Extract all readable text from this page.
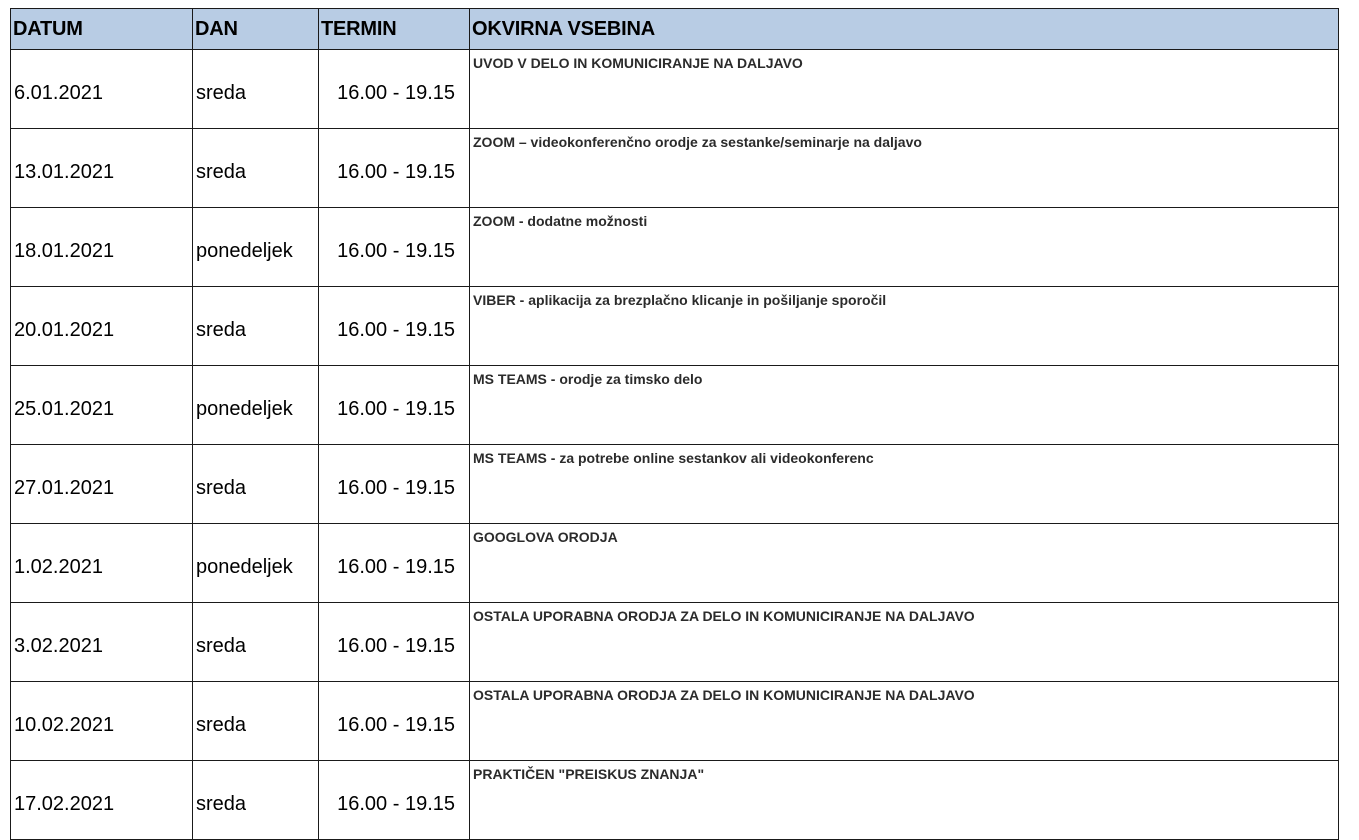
DATUM	DAN	TERMIN	OKVIRNA VSEBINA
6.01.2021	sreda	16.00 - 19.15	UVOD V DELO IN KOMUNICIRANJE NA DALJAVO
13.01.2021	sreda	16.00 - 19.15	ZOOM – videokonferenčno orodje za sestanke/seminarje na daljavo
18.01.2021	ponedeljek	16.00 - 19.15	ZOOM - dodatne možnosti
20.01.2021	sreda	16.00 - 19.15	VIBER - aplikacija za brezplačno klicanje in pošiljanje sporočil
25.01.2021	ponedeljek	16.00 - 19.15	MS TEAMS - orodje za timsko delo
27.01.2021	sreda	16.00 - 19.15	MS TEAMS - za potrebe online sestankov ali videokonferenc
1.02.2021	ponedeljek	16.00 - 19.15	GOOGLOVA ORODJA
3.02.2021	sreda	16.00 - 19.15	OSTALA UPORABNA ORODJA ZA DELO IN KOMUNICIRANJE NA DALJAVO
10.02.2021	sreda	16.00 - 19.15	OSTALA UPORABNA ORODJA ZA DELO IN KOMUNICIRANJE NA DALJAVO
17.02.2021	sreda	16.00 - 19.15	PRAKTIČEN "PREISKUS ZNANJA"
